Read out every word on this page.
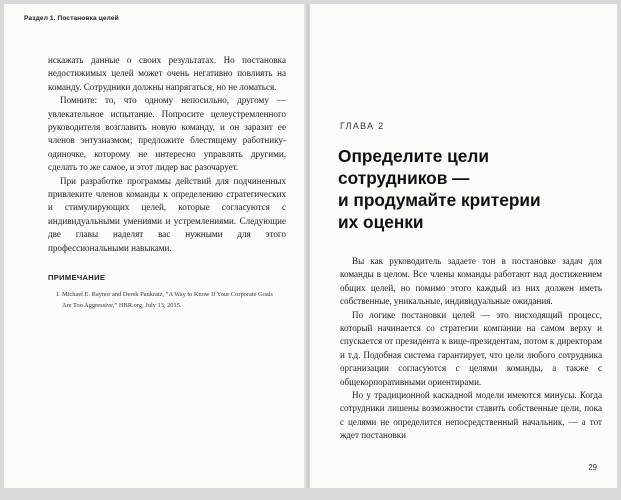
Раздел 1. Постановка целей

искажать данные о своих результатах. Но постановка недостижимых целей может очень негативно повлиять на команду. Сотрудники должны напрягаться, но не ломаться.

Помните: то, что одному непосильно, другому — увлекательное испытание. Попросите целеустремленного руководителя возглавить новую команду, и он заразит ее членов энтузиазмом; предложите блестящему работнику-одиночке, которому не интересно управлять другими, сделать то же самое, и этот лидер вас разочарует.

При разработке программы действий для подчиненных привлеките членов команды к определению стратегических и стимулирующих целей, которые согласуются с индивидуальными умениями и устремлениями. Следующие две главы наделят вас нужными для этого профессиональными навыками.

ПРИМЕЧАНИЕ
1. Michael E. Raynor and Derek Pankratz, “A Way to Know If Your Corporate Goals Are Too Aggressive,” HBR.org, July 13, 2015.
ГЛАВА 2
Определите цели
сотрудников —
и продумайте критерии
их оценки

Вы как руководитель задаете тон в постановке задач для команды в целом. Все члены команды работают над достижением общих целей, но помимо этого каждый из них должен иметь собственные, уникальные, индивидуальные ожидания.

По логике постановки целей — это нисходящий процесс, который начинается со стратегии компании на самом верху и спускается от президента к вице-президентам, потом к директорам и т.д. Подобная система гарантирует, что цели любого сотрудника организации согласуются с целями команды, а также с общекорпоративными ориентирами.

Но у традиционной каскадной модели имеются минусы. Когда сотрудники лишены возможности ставить собственные цели, пока с целями не определится непосредственный начальник, — а тот ждет постановки

29
